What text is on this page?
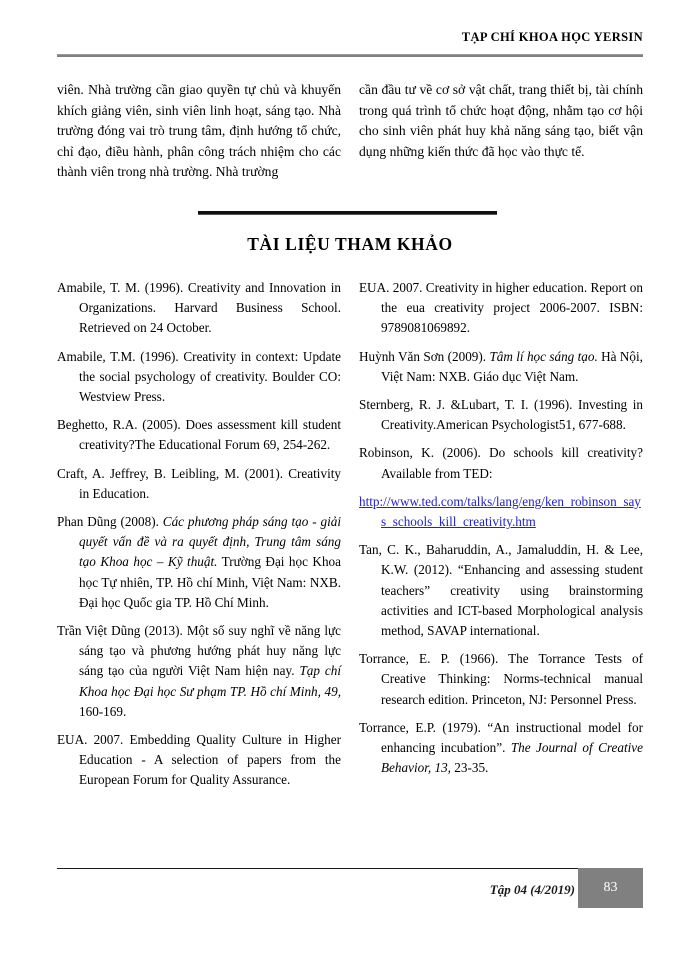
TẠP CHÍ KHOA HỌC YERSIN

viên. Nhà trường cần giao quyền tự chủ và khuyến khích giảng viên, sinh viên linh hoạt, sáng tạo. Nhà trường đóng vai trò trung tâm, định hướng tổ chức, chỉ đạo, điều hành, phân công trách nhiệm cho các thành viên trong nhà trường. Nhà trường

cần đầu tư về cơ sở vật chất, trang thiết bị, tài chính trong quá trình tổ chức hoạt động, nhằm tạo cơ hội cho sinh viên phát huy khả năng sáng tạo, biết vận dụng những kiến thức đã học vào thực tế.

TÀI LIỆU THAM KHẢO

Amabile, T. M. (1996). Creativity and Innovation in Organizations. Harvard Business School. Retrieved on 24 October.

Amabile, T.M. (1996). Creativity in context: Update the social psychology of creativity. Boulder CO: Westview Press.

Beghetto, R.A. (2005). Does assessment kill student creativity?The Educational Forum 69, 254-262.

Craft, A. Jeffrey, B. Leibling, M. (2001). Creativity in Education.

Phan Dũng (2008). Các phương pháp sáng tạo - giải quyết vấn đề và ra quyết định, Trung tâm sáng tạo Khoa học – Kỹ thuật. Trường Đại học Khoa học Tự nhiên, TP. Hồ chí Minh, Việt Nam: NXB. Đại học Quốc gia TP. Hồ Chí Minh.

Trần Việt Dũng (2013). Một số suy nghĩ về năng lực sáng tạo và phương hướng phát huy năng lực sáng tạo của người Việt Nam hiện nay. Tạp chí Khoa học Đại học Sư phạm TP. Hồ chí Minh, 49, 160-169.

EUA. 2007. Embedding Quality Culture in Higher Education - A selection of papers from the European Forum for Quality Assurance.

EUA. 2007. Creativity in higher education. Report on the eua creativity project 2006-2007. ISBN: 9789081069892.

Huỳnh Văn Sơn (2009). Tâm lí học sáng tạo. Hà Nội, Việt Nam: NXB. Giáo dục Việt Nam.

Sternberg, R. J. &Lubart, T. I. (1996). Investing in Creativity.American Psychologist51, 677-688.

Robinson, K. (2006). Do schools kill creativity?Available from TED:

http://www.ted.com/talks/lang/eng/ken_robinson_says_schools_kill_creativity.htm

Tan, C. K., Baharuddin, A., Jamaluddin, H. & Lee, K.W. (2012). “Enhancing and assessing student teachers” creativity using brainstorming activities and ICT-based Morphological analysis method, SAVAP international.

Torrance, E. P. (1966). The Torrance Tests of Creative Thinking: Norms-technical manual research edition. Princeton, NJ: Personnel Press.

Torrance, E.P. (1979). “An instructional model for enhancing incubation”. The Journal of Creative Behavior, 13, 23-35.

Tập 04 (4/2019) 83
